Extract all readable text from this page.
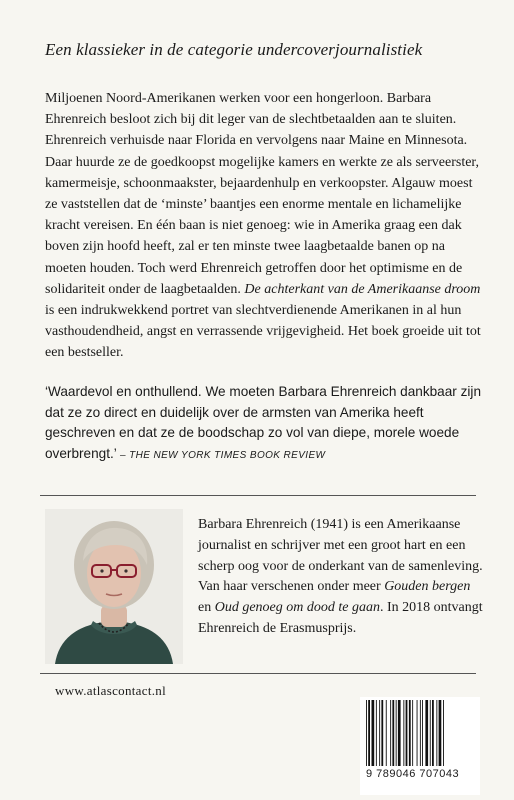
Een klassieker in de categorie undercoverjournalistiek

Miljoenen Noord-Amerikanen werken voor een hongerloon. Barbara Ehrenreich besloot zich bij dit leger van de slechtbetaalden aan te sluiten. Ehrenreich verhuisde naar Florida en vervolgens naar Maine en Minnesota. Daar huurde ze de goedkoopst mogelijke kamers en werkte ze als serveerster, kamermeisje, schoonmaakster, bejaardenhulp en verkoopster. Algauw moest ze vaststellen dat de ‘minste’ baantjes een enorme mentale en lichamelijke kracht vereisen. En één baan is niet genoeg: wie in Amerika graag een dak boven zijn hoofd heeft, zal er ten minste twee laagbetaalde banen op na moeten houden. Toch werd Ehrenreich getroffen door het optimisme en de solidariteit onder de laagbetaalden. De achterkant van de Amerikaanse droom is een indrukwekkend portret van slechtverdienende Amerikanen in al hun vasthoudendheid, angst en verrassende vrijgevigheid. Het boek groeide uit tot een bestseller.

‘Waardevol en onthullend. We moeten Barbara Ehrenreich dankbaar zijn dat ze zo direct en duidelijk over de armsten van Amerika heeft geschreven en dat ze de boodschap zo vol van diepe, morele woede overbrengt.’ – THE NEW YORK TIMES BOOK REVIEW

Barbara Ehrenreich (1941) is een Amerikaanse journalist en schrijver met een groot hart en een scherp oog voor de onderkant van de samenleving. Van haar verschenen onder meer Gouden bergen en Oud genoeg om dood te gaan. In 2018 ontvangt Ehrenreich de Erasmusprijs.

www.atlascontact.nl
9 789046 707043
